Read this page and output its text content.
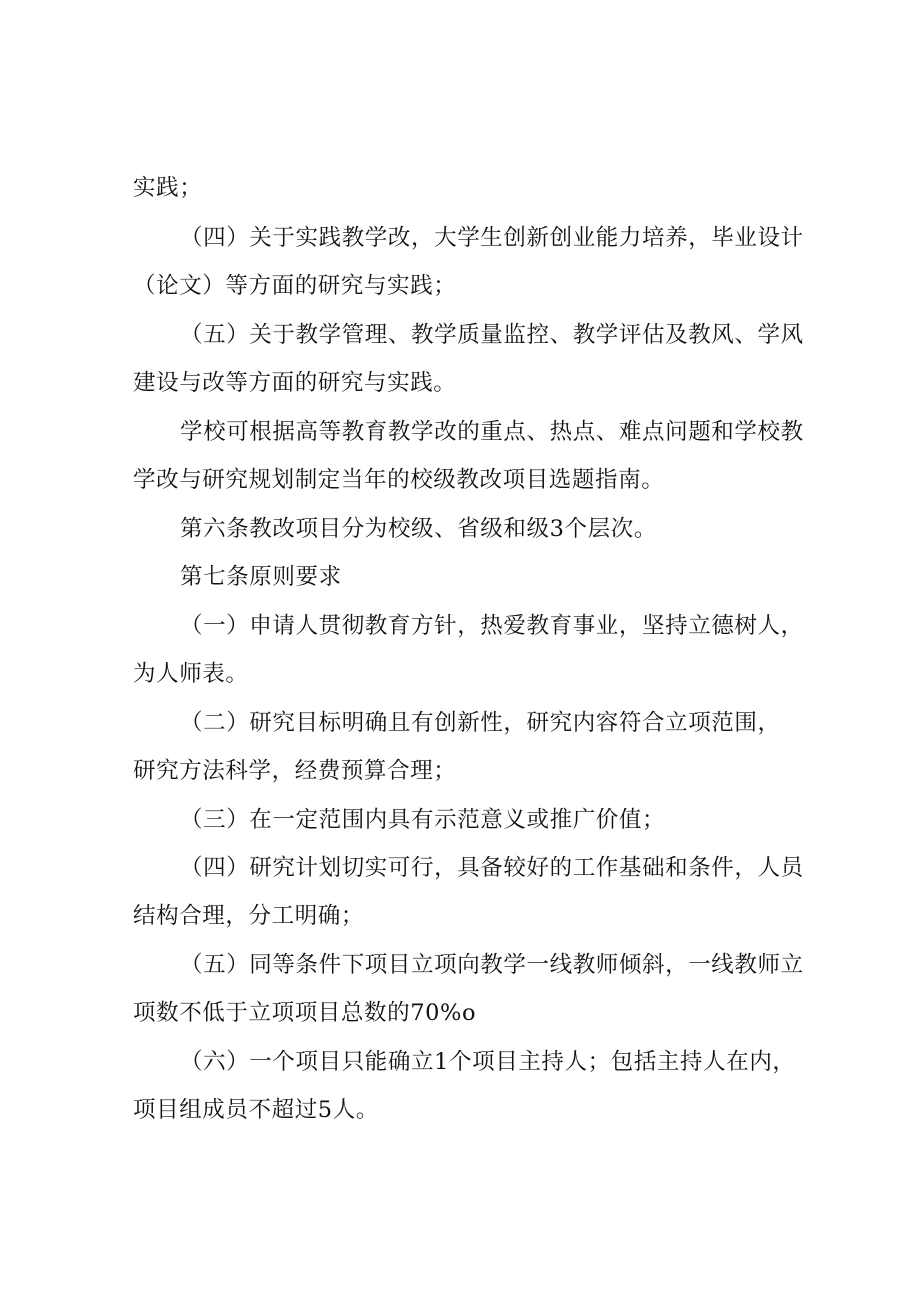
实践；
（四）关于实践教学改，大学生创新创业能力培养，毕业设计
（论文）等方面的研究与实践；
（五）关于教学管理、教学质量监控、教学评估及教风、学风
建设与改等方面的研究与实践。
学校可根据高等教育教学改的重点、热点、难点问题和学校教
学改与研究规划制定当年的校级教改项目选题指南。
第六条教改项目分为校级、省级和级3个层次。
第七条原则要求
（一）申请人贯彻教育方针，热爱教育事业，坚持立德树人，
为人师表。
（二）研究目标明确且有创新性，研究内容符合立项范围，
研究方法科学，经费预算合理；
（三）在一定范围内具有示范意义或推广价值；
（四）研究计划切实可行，具备较好的工作基础和条件，人员
结构合理，分工明确；
（五）同等条件下项目立项向教学一线教师倾斜，一线教师立
项数不低于立项项目总数的70%o
（六）一个项目只能确立1个项目主持人；包括主持人在内，
项目组成员不超过5人。
